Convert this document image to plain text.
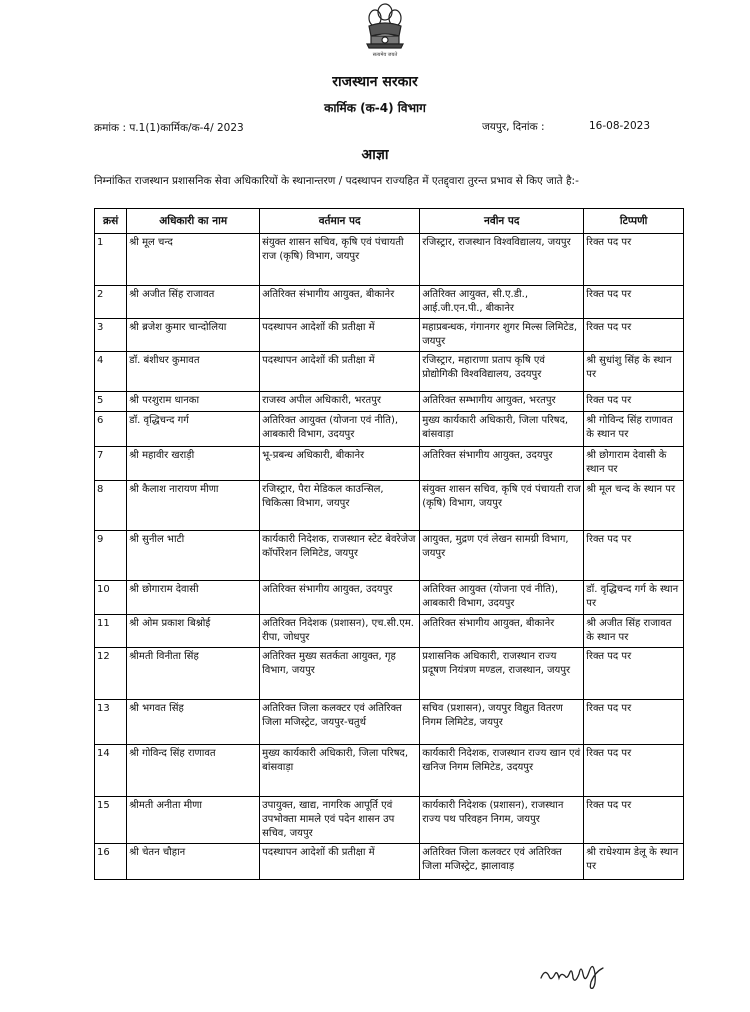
सत्यमेव जयते
राजस्थान सरकार
कार्मिक (क-4) विभाग
क्रमांक : प.1(1)कार्मिक/क-4/ 2023	जयपुर, दिनांक :	16-08-2023
आज्ञा
निम्नांकित राजस्थान प्रशासनिक सेवा अधिकारियों के स्थानान्तरण / पदस्थापन राज्यहित में एतद्द्वारा तुरन्त प्रभाव से किए जाते है:-
क्रसं	अधिकारी का नाम	वर्तमान पद	नवीन पद	टिप्पणी
1	श्री मूल चन्द	संयुक्त शासन सचिव, कृषि एवं पंचायती राज (कृषि) विभाग, जयपुर	रजिस्ट्रार, राजस्थान विश्वविद्यालय, जयपुर	रिक्त पद पर
2	श्री अजीत सिंह राजावत	अतिरिक्त संभागीय आयुक्त, बीकानेर	अतिरिक्त आयुक्त, सी.ए.डी., आई.जी.एन.पी., बीकानेर	रिक्त पद पर
3	श्री ब्रजेश कुमार चान्दोलिया	पदस्थापन आदेशों की प्रतीक्षा में	महाप्रबन्धक, गंगानगर शुगर मिल्स लिमिटेड, जयपुर	रिक्त पद पर
4	डॉ. बंशीधर कुमावत	पदस्थापन आदेशों की प्रतीक्षा में	रजिस्ट्रार, महाराणा प्रताप कृषि एवं प्रोद्योगिकी विश्वविद्यालय, उदयपुर	श्री सुधांशु सिंह के स्थान पर
5	श्री परशुराम धानका	राजस्व अपील अधिकारी, भरतपुर	अतिरिक्त सम्भागीय आयुक्त, भरतपुर	रिक्त पद पर
6	डॉ. वृद्धिचन्द गर्ग	अतिरिक्त आयुक्त (योजना एवं नीति), आबकारी विभाग, उदयपुर	मुख्य कार्यकारी अधिकारी, जिला परिषद, बांसवाड़ा	श्री गोविन्द सिंह राणावत के स्थान पर
7	श्री महावीर खराड़ी	भू-प्रबन्ध अधिकारी, बीकानेर	अतिरिक्त संभागीय आयुक्त, उदयपुर	श्री छोगाराम देवासी के स्थान पर
8	श्री कैलाश नारायण मीणा	रजिस्ट्रार, पैरा मेडिकल काउन्सिल, चिकित्सा विभाग, जयपुर	संयुक्त शासन सचिव, कृषि एवं पंचायती राज (कृषि) विभाग, जयपुर	श्री मूल चन्द के स्थान पर
9	श्री सुनील भाटी	कार्यकारी निदेशक, राजस्थान स्टेट बेवरेजेज कॉर्पोरेशन लिमिटेड, जयपुर	आयुक्त, मुद्रण एवं लेखन सामग्री विभाग, जयपुर	रिक्त पद पर
10	श्री छोगाराम देवासी	अतिरिक्त संभागीय आयुक्त, उदयपुर	अतिरिक्त आयुक्त (योजना एवं नीति), आबकारी विभाग, उदयपुर	डॉ. वृद्धिचन्द गर्ग के स्थान पर
11	श्री ओम प्रकाश बिश्नोई	अतिरिक्त निदेशक (प्रशासन), एच.सी.एम. रीपा, जोधपुर	अतिरिक्त संभागीय आयुक्त, बीकानेर	श्री अजीत सिंह राजावत के स्थान पर
12	श्रीमती विनीता सिंह	अतिरिक्त मुख्य सतर्कता आयुक्त, गृह विभाग, जयपुर	प्रशासनिक अधिकारी, राजस्थान राज्य प्रदूषण नियंत्रण मण्डल, राजस्थान, जयपुर	रिक्त पद पर
13	श्री भगवत सिंह	अतिरिक्त जिला कलक्टर एवं अतिरिक्त जिला मजिस्ट्रेट, जयपुर-चतुर्थ	सचिव (प्रशासन), जयपुर विद्युत वितरण निगम लिमिटेड, जयपुर	रिक्त पद पर
14	श्री गोविन्द सिंह राणावत	मुख्य कार्यकारी अधिकारी, जिला परिषद, बांसवाड़ा	कार्यकारी निदेशक, राजस्थान राज्य खान एवं खनिज निगम लिमिटेड, उदयपुर	रिक्त पद पर
15	श्रीमती अनीता मीणा	उपायुक्त, खाद्य, नागरिक आपूर्ति एवं उपभोक्ता मामले एवं पदेन शासन उप सचिव, जयपुर	कार्यकारी निदेशक (प्रशासन), राजस्थान राज्य पथ परिवहन निगम, जयपुर	रिक्त पद पर
16	श्री चेतन चौहान	पदस्थापन आदेशों की प्रतीक्षा में	अतिरिक्त जिला कलक्टर एवं अतिरिक्त जिला मजिस्ट्रेट, झालावाड़	श्री राधेश्याम डेलू के स्थान पर
